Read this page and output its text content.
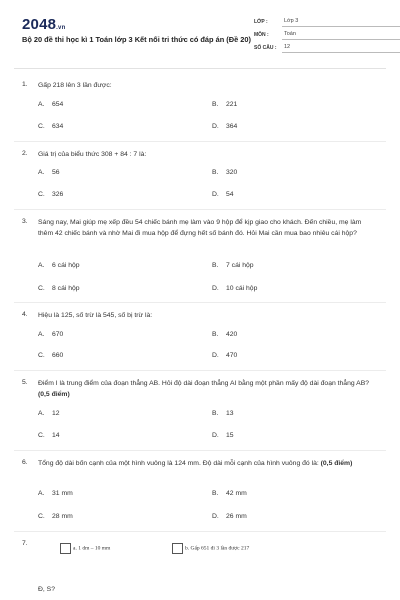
2048.vn
Bộ 20 đề thi học kì 1 Toán lớp 3 Kết nối tri thức có đáp án (Đề 20)
LỚP :	Lớp 3
MÔN :	Toán
SỐ CÂU :	12
1. Gấp 218 lên 3 lần được:
A. 654	B. 221
C. 634	D. 364
2. Giá trị của biểu thức 308 + 84 : 7 là:
A. 56	B. 320
C. 326	D. 54
3. Sáng nay, Mai giúp mẹ xếp đều 54 chiếc bánh mẹ làm vào 9 hộp để kịp giao cho khách. Đến chiều, mẹ làm thêm 42 chiếc bánh và nhờ Mai đi mua hộp để đựng hết số bánh đó. Hỏi Mai cần mua bao nhiêu cái hộp?
A. 6 cái hộp	B. 7 cái hộp
C. 8 cái hộp	D. 10 cái hộp
4. Hiệu là 125, số trừ là 545, số bị trừ là:
A. 670	B. 420
C. 660	D. 470
5. Điểm I là trung điểm của đoạn thẳng AB. Hỏi độ dài đoạn thẳng AI bằng một phần mấy độ dài đoạn thẳng AB? (0,5 điểm)
A. 12	B. 13
C. 14	D. 15
6. Tổng độ dài bốn cạnh của một hình vuông là 124 mm. Độ dài mỗi cạnh của hình vuông đó là: (0,5 điểm)
A. 31 mm	B. 42 mm
C. 28 mm	D. 26 mm
7.
a. 1 dm – 10 mm	b. Gấp 651 đi 3 lần được 217
Đ, S?
